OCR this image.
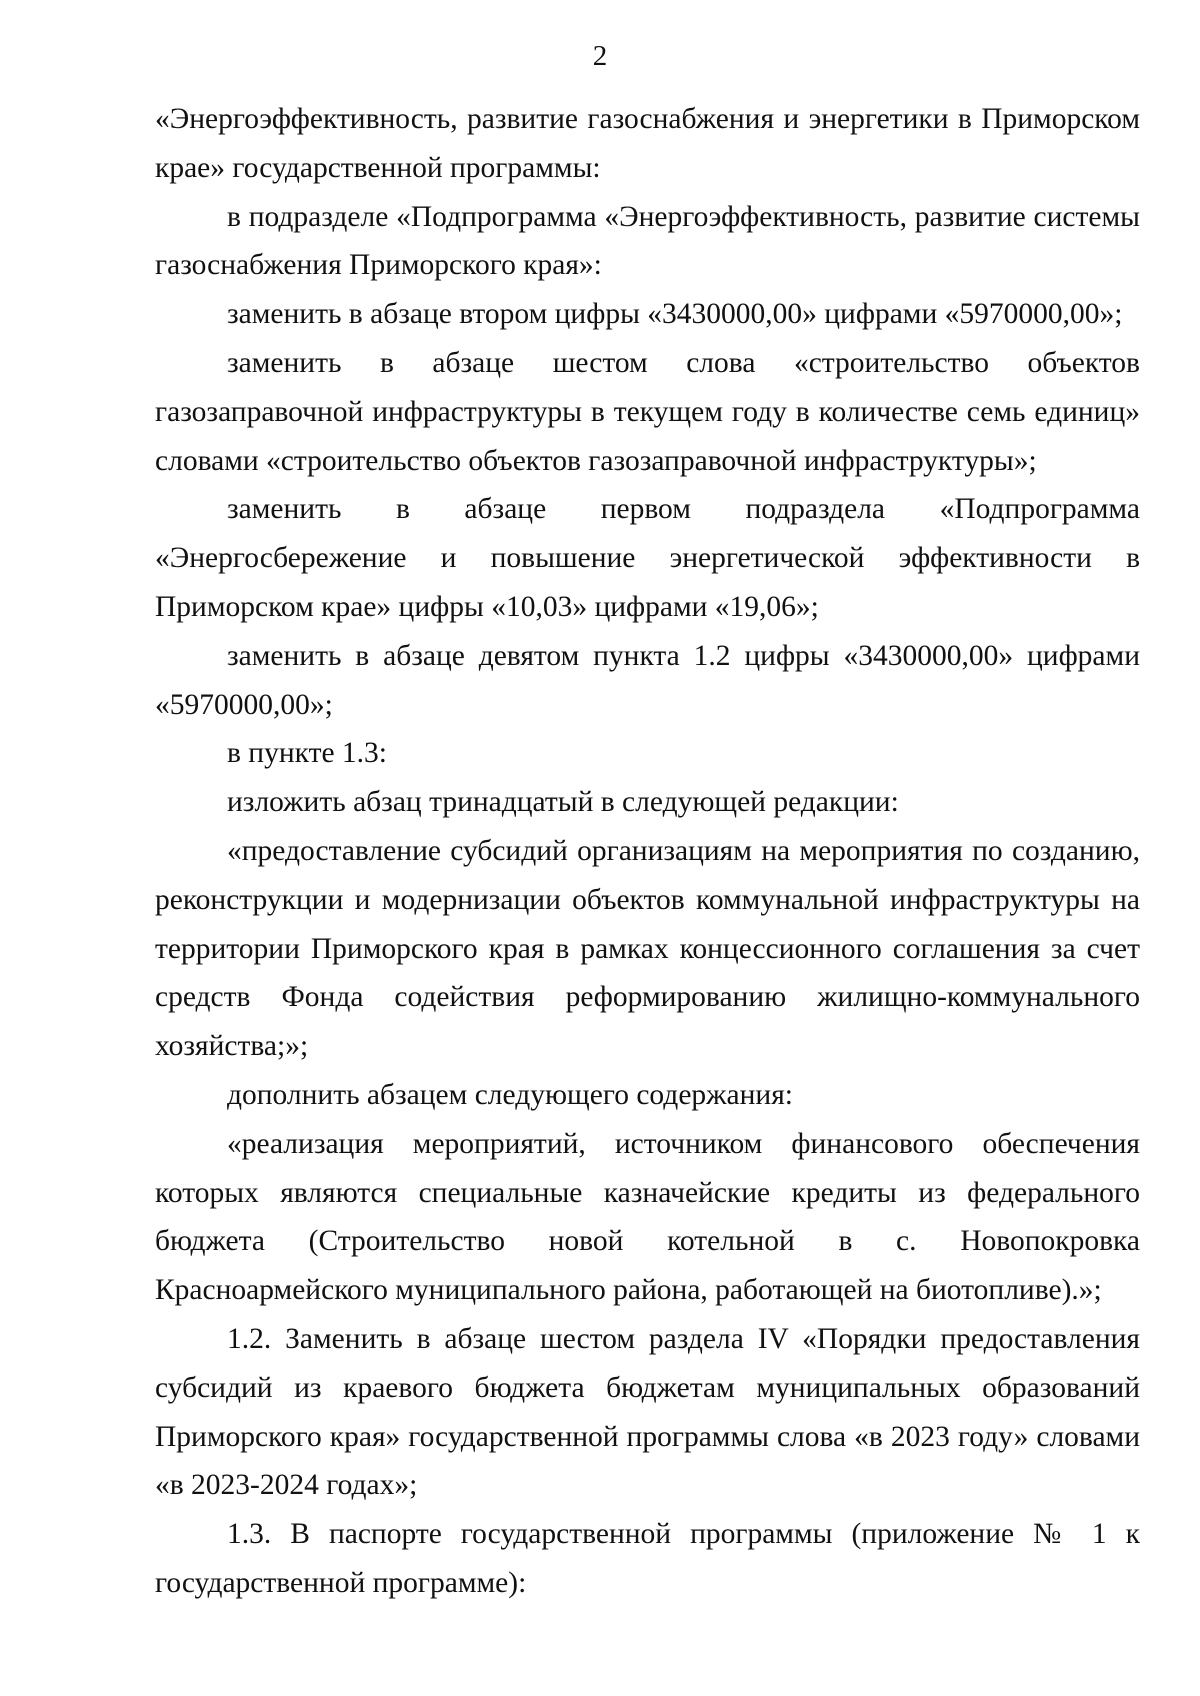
2

«Энергоэффективность, развитие газоснабжения и энергетики в Приморском крае» государственной программы:

в подразделе «Подпрограмма «Энергоэффективность, развитие системы газоснабжения Приморского края»:

заменить в абзаце втором цифры «3430000,00» цифрами «5970000,00»;

заменить в абзаце шестом слова «строительство объектов газозаправочной инфраструктуры в текущем году в количестве семь единиц» словами «строительство объектов газозаправочной инфраструктуры»;

заменить в абзаце первом подраздела «Подпрограмма «Энергосбережение и повышение энергетической эффективности в Приморском крае» цифры «10,03» цифрами «19,06»;

заменить в абзаце девятом пункта 1.2 цифры «3430000,00» цифрами «5970000,00»;

в пункте 1.3:

изложить абзац тринадцатый в следующей редакции:

«предоставление субсидий организациям на мероприятия по созданию, реконструкции и модернизации объектов коммунальной инфраструктуры на территории Приморского края в рамках концессионного соглашения за счет средств Фонда содействия реформированию жилищно-коммунального хозяйства;»;

дополнить абзацем следующего содержания:

«реализация мероприятий, источником финансового обеспечения которых являются специальные казначейские кредиты из федерального бюджета (Строительство новой котельной в с. Новопокровка Красноармейского муниципального района, работающей на биотопливе).»;

1.2. Заменить в абзаце шестом раздела IV «Порядки предоставления субсидий из краевого бюджета бюджетам муниципальных образований Приморского края» государственной программы слова «в 2023 году» словами «в 2023-2024 годах»;

1.3. В паспорте государственной программы (приложение № 1 к государственной программе):
